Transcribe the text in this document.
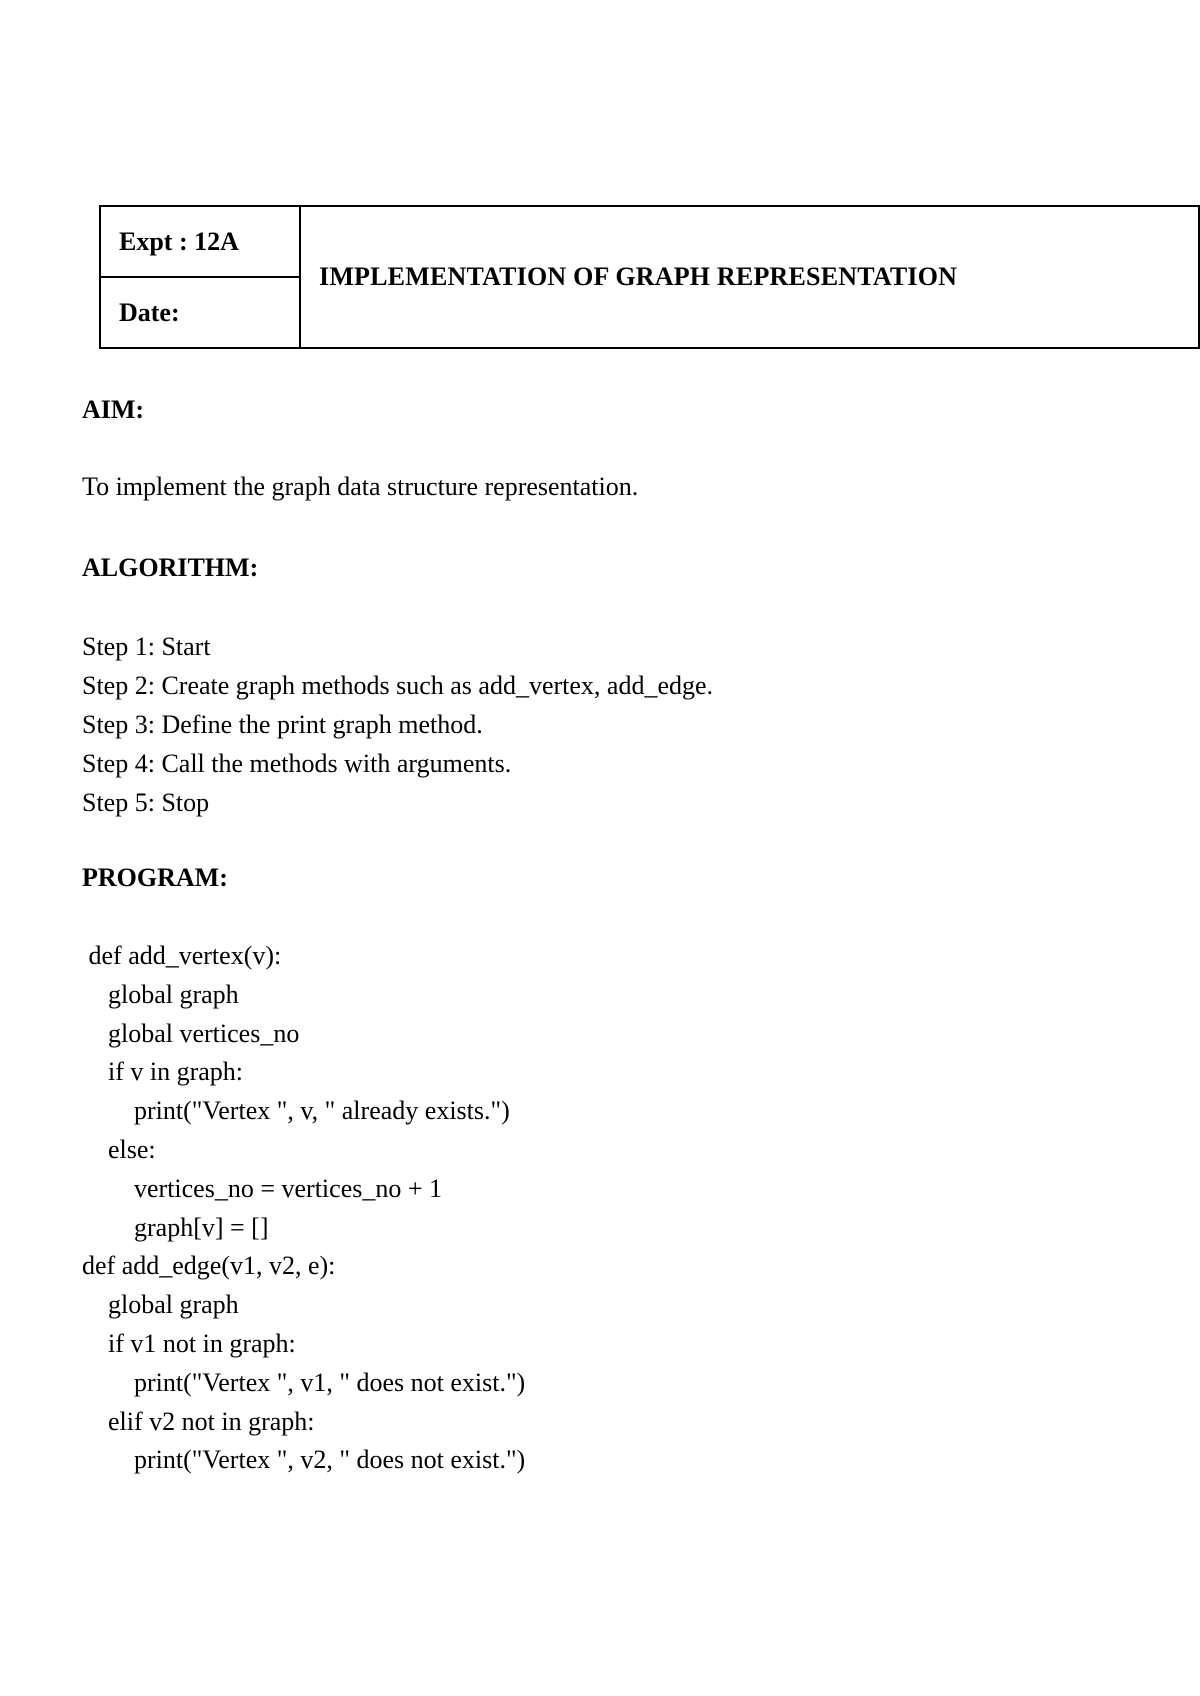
Expt : 12A	IMPLEMENTATION OF GRAPH REPRESENTATION
Date:
AIM:

To implement the graph data structure representation.

ALGORITHM:
Step 1: Start
Step 2: Create graph methods such as add_vertex, add_edge.
Step 3: Define the print graph method.
Step 4: Call the methods with arguments.
Step 5: Stop
PROGRAM:
def add_vertex(v):
global graph
global vertices_no
if v in graph:
print("Vertex ", v, " already exists.")
else:
vertices_no = vertices_no + 1
graph[v] = []
def add_edge(v1, v2, e):
global graph
if v1 not in graph:
print("Vertex ", v1, " does not exist.")
elif v2 not in graph:
print("Vertex ", v2, " does not exist.")
